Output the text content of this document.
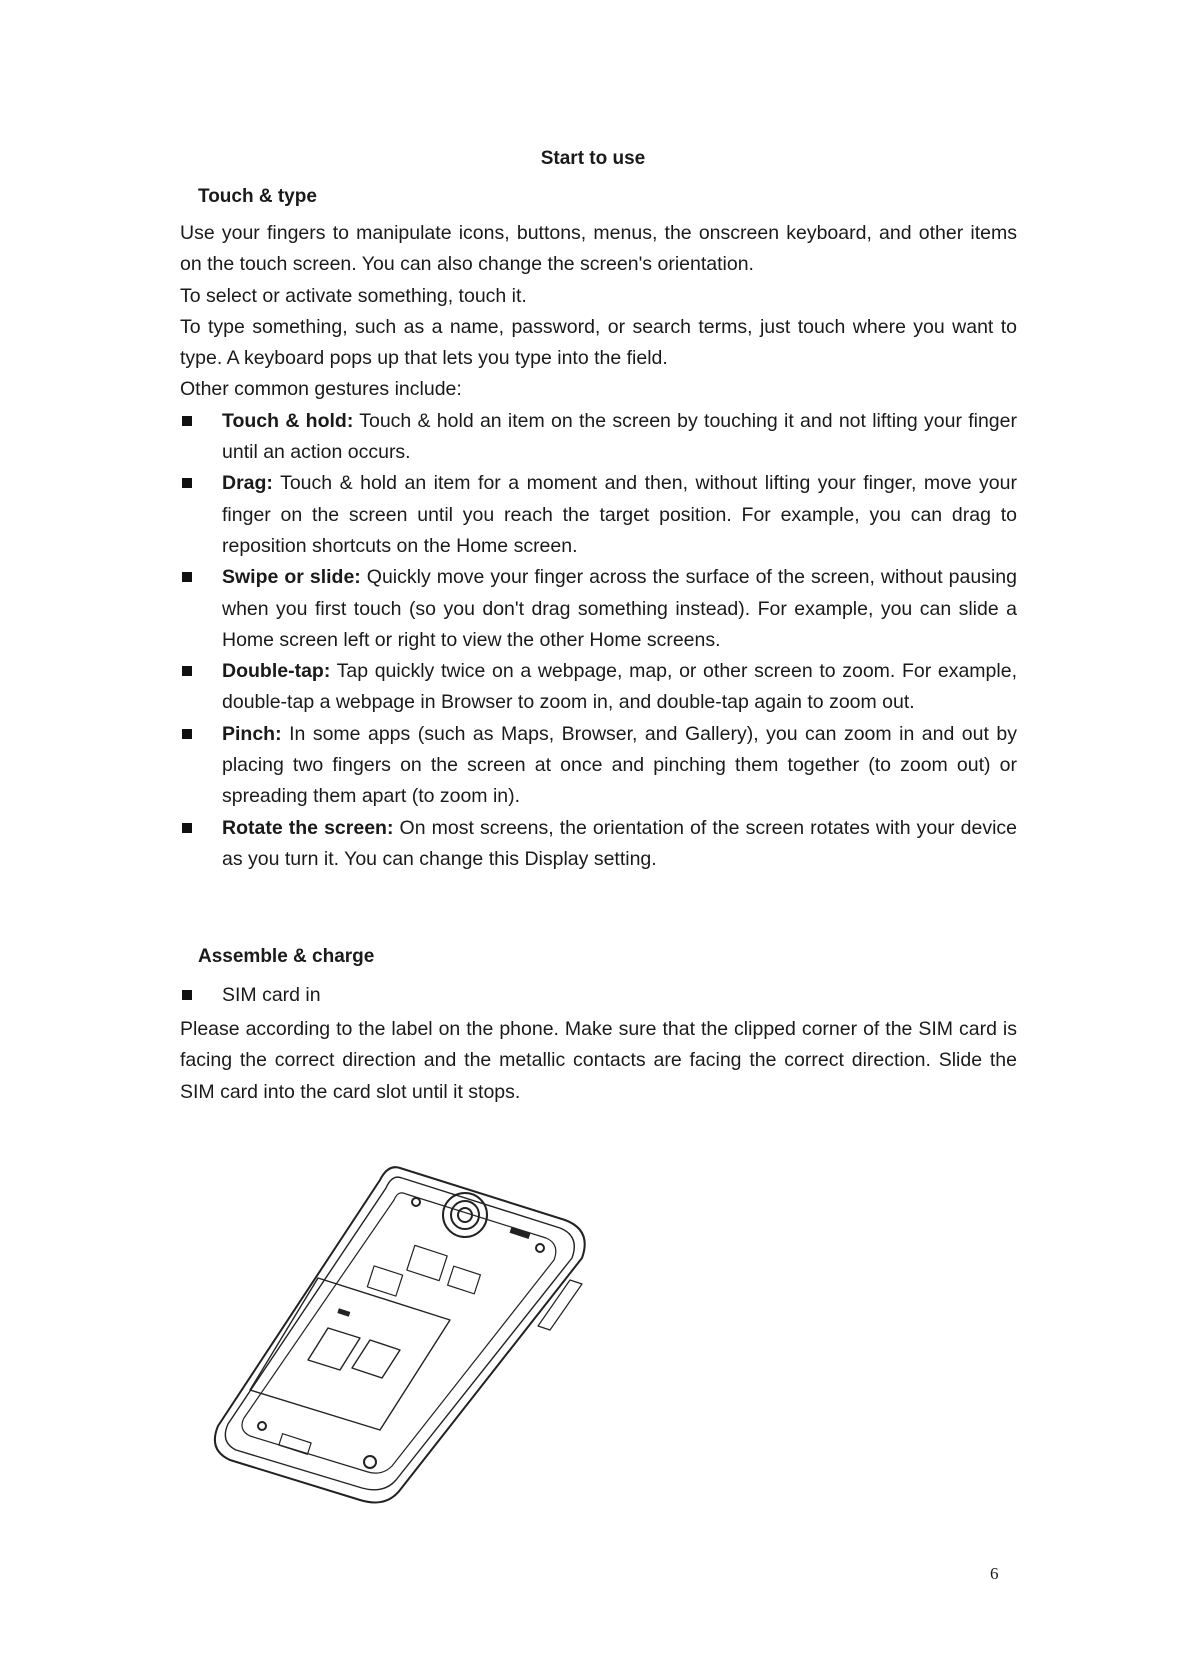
Start to use
Touch & type

Use your fingers to manipulate icons, buttons, menus, the onscreen keyboard, and other items on the touch screen. You can also change the screen's orientation.

To select or activate something, touch it.

To type something, such as a name, password, or search terms, just touch where you want to type. A keyboard pops up that lets you type into the field.

Other common gestures include:

Touch & hold: Touch & hold an item on the screen by touching it and not lifting your finger until an action occurs.

Drag: Touch & hold an item for a moment and then, without lifting your finger, move your finger on the screen until you reach the target position. For example, you can drag to reposition shortcuts on the Home screen.

Swipe or slide: Quickly move your finger across the surface of the screen, without pausing when you first touch (so you don't drag something instead). For example, you can slide a Home screen left or right to view the other Home screens.

Double-tap: Tap quickly twice on a webpage, map, or other screen to zoom. For example, double-tap a webpage in Browser to zoom in, and double-tap again to zoom out.

Pinch: In some apps (such as Maps, Browser, and Gallery), you can zoom in and out by placing two fingers on the screen at once and pinching them together (to zoom out) or spreading them apart (to zoom in).

Rotate the screen: On most screens, the orientation of the screen rotates with your device as you turn it. You can change this Display setting.

Assemble & charge
SIM card in

Please according to the label on the phone. Make sure that the clipped corner of the SIM card is facing the correct direction and the metallic contacts are facing the correct direction. Slide the SIM card into the card slot until it stops.

6
